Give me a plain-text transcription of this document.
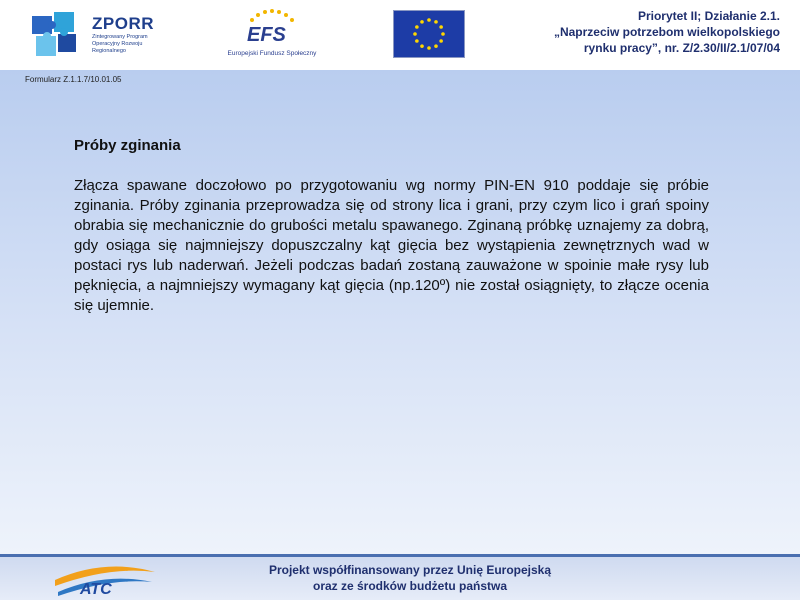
ZPORR
Zintegrowany Program Operacyjny Rozwoju Regionalnego
EFS
Europejski Fundusz Społeczny
Priorytet II; Działanie 2.1.
„Naprzeciw potrzebom wielkopolskiego
rynku pracy”, nr. Z/2.30/II/2.1/07/04
Formularz Z.1.1.7/10.01.05
Próby zginania

Złącza spawane doczołowo po przygotowaniu wg normy PIN-EN 910 poddaje się próbie zginania. Próby zginania przeprowadza się od strony lica i grani, przy czym lico i grań spoiny obrabia się mechanicznie do grubości metalu spawanego. Zginaną próbkę uznajemy za dobrą, gdy osiąga się najmniejszy dopuszczalny kąt gięcia bez wystąpienia zewnętrznych wad w postaci rys lub naderwań. Jeżeli podczas badań zostaną zauważone w spoinie małe rysy lub pęknięcia, a najmniejszy wymagany kąt gięcia (np.120º) nie został osiągnięty, to złącze ocenia się ujemnie.

ATC
Projekt współfinansowany przez Unię Europejską
oraz ze środków budżetu państwa
